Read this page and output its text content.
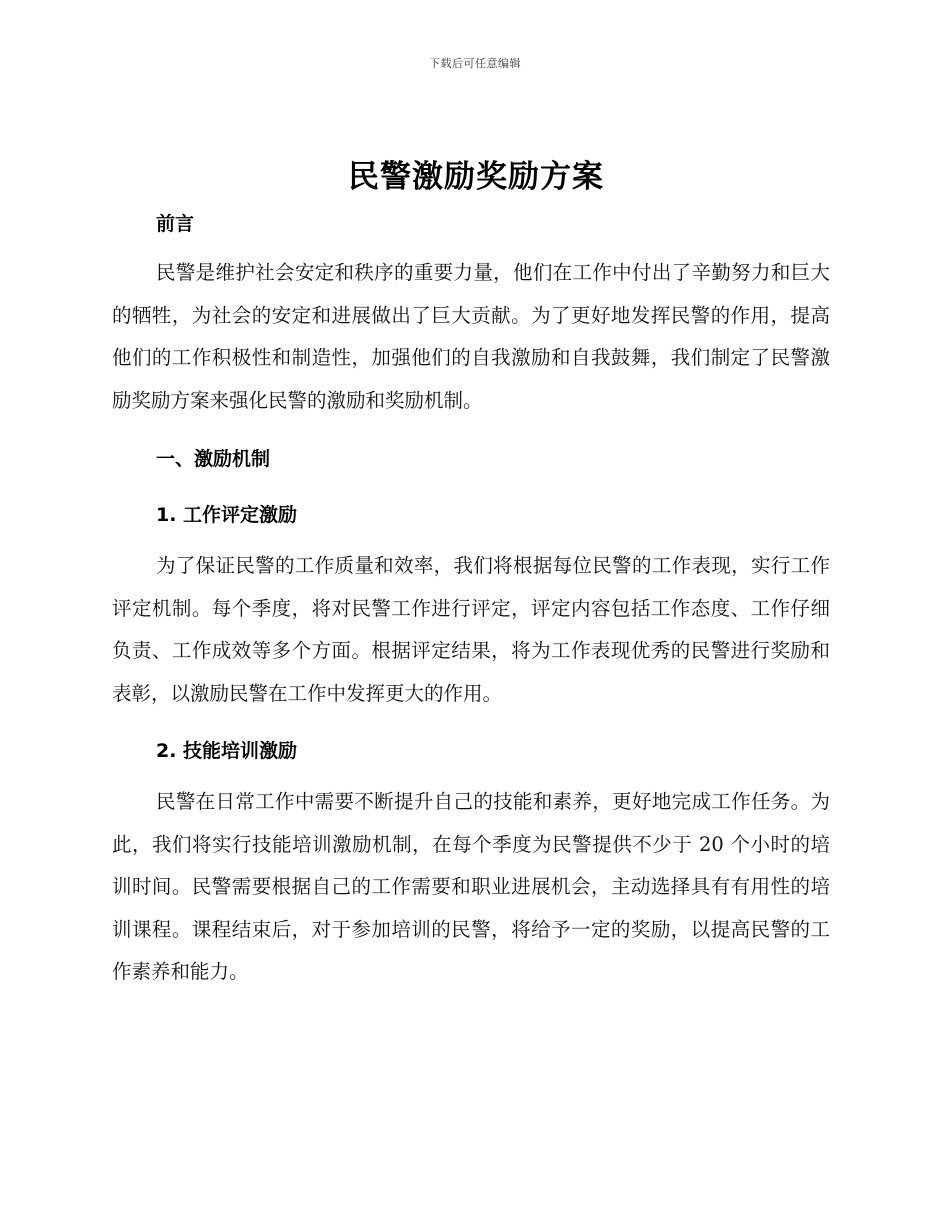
下载后可任意编辑
民警激励奖励方案
前言
民警是维护社会安定和秩序的重要力量，他们在工作中付出了辛勤努力和巨大的牺牲，为社会的安定和进展做出了巨大贡献。为了更好地发挥民警的作用，提高他们的工作积极性和制造性，加强他们的自我激励和自我鼓舞，我们制定了民警激励奖励方案来强化民警的激励和奖励机制。
一、激励机制
1. 工作评定激励
为了保证民警的工作质量和效率，我们将根据每位民警的工作表现，实行工作评定机制。每个季度，将对民警工作进行评定，评定内容包括工作态度、工作仔细负责、工作成效等多个方面。根据评定结果，将为工作表现优秀的民警进行奖励和表彰，以激励民警在工作中发挥更大的作用。
2. 技能培训激励
民警在日常工作中需要不断提升自己的技能和素养，更好地完成工作任务。为此，我们将实行技能培训激励机制，在每个季度为民警提供不少于 20 个小时的培训时间。民警需要根据自己的工作需要和职业进展机会，主动选择具有有用性的培训课程。课程结束后，对于参加培训的民警，将给予一定的奖励，以提高民警的工作素养和能力。
